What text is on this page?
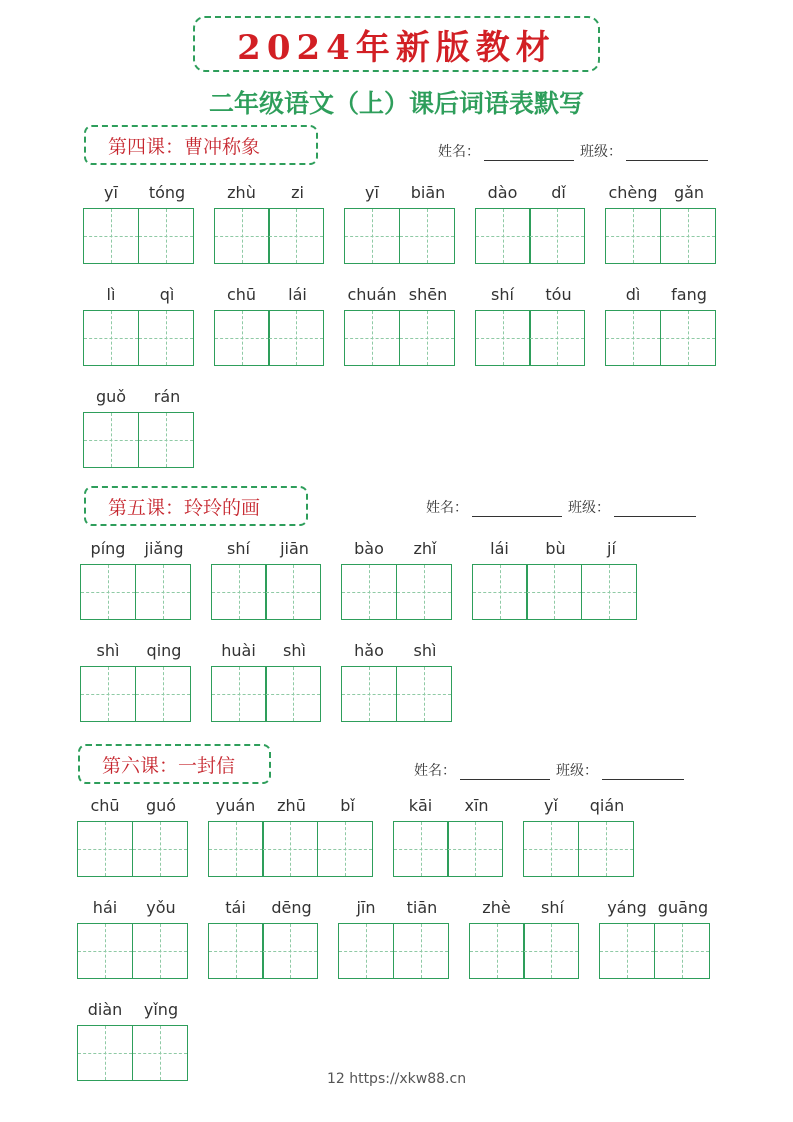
2024年新版教材
二年级语文（上）课后词语表默写
第四课：曹冲称象	姓名：	班级：
yī	tóng	zhù	zi	yī	biān	dào	dǐ	chèng	gǎn
lì	qì	chū	lái	chuán shēn	shí	tóu	dì	fang
guǒ	rán
第五课：玲玲的画	姓名：	班级：
píng	jiǎng	shí	jiān	bào	zhǐ	lái	bù	jí
shì	qing	huài	shì	hǎo	shì
第六课：一封信	姓名：	班级：
chū	guó	yuán	zhū	bǐ	kāi	xīn	yǐ	qián
hái	yǒu	tái	dēng	jīn	tiān	zhè	shí	yáng guāng
diàn	yǐng
12 https://xkw88.cn
